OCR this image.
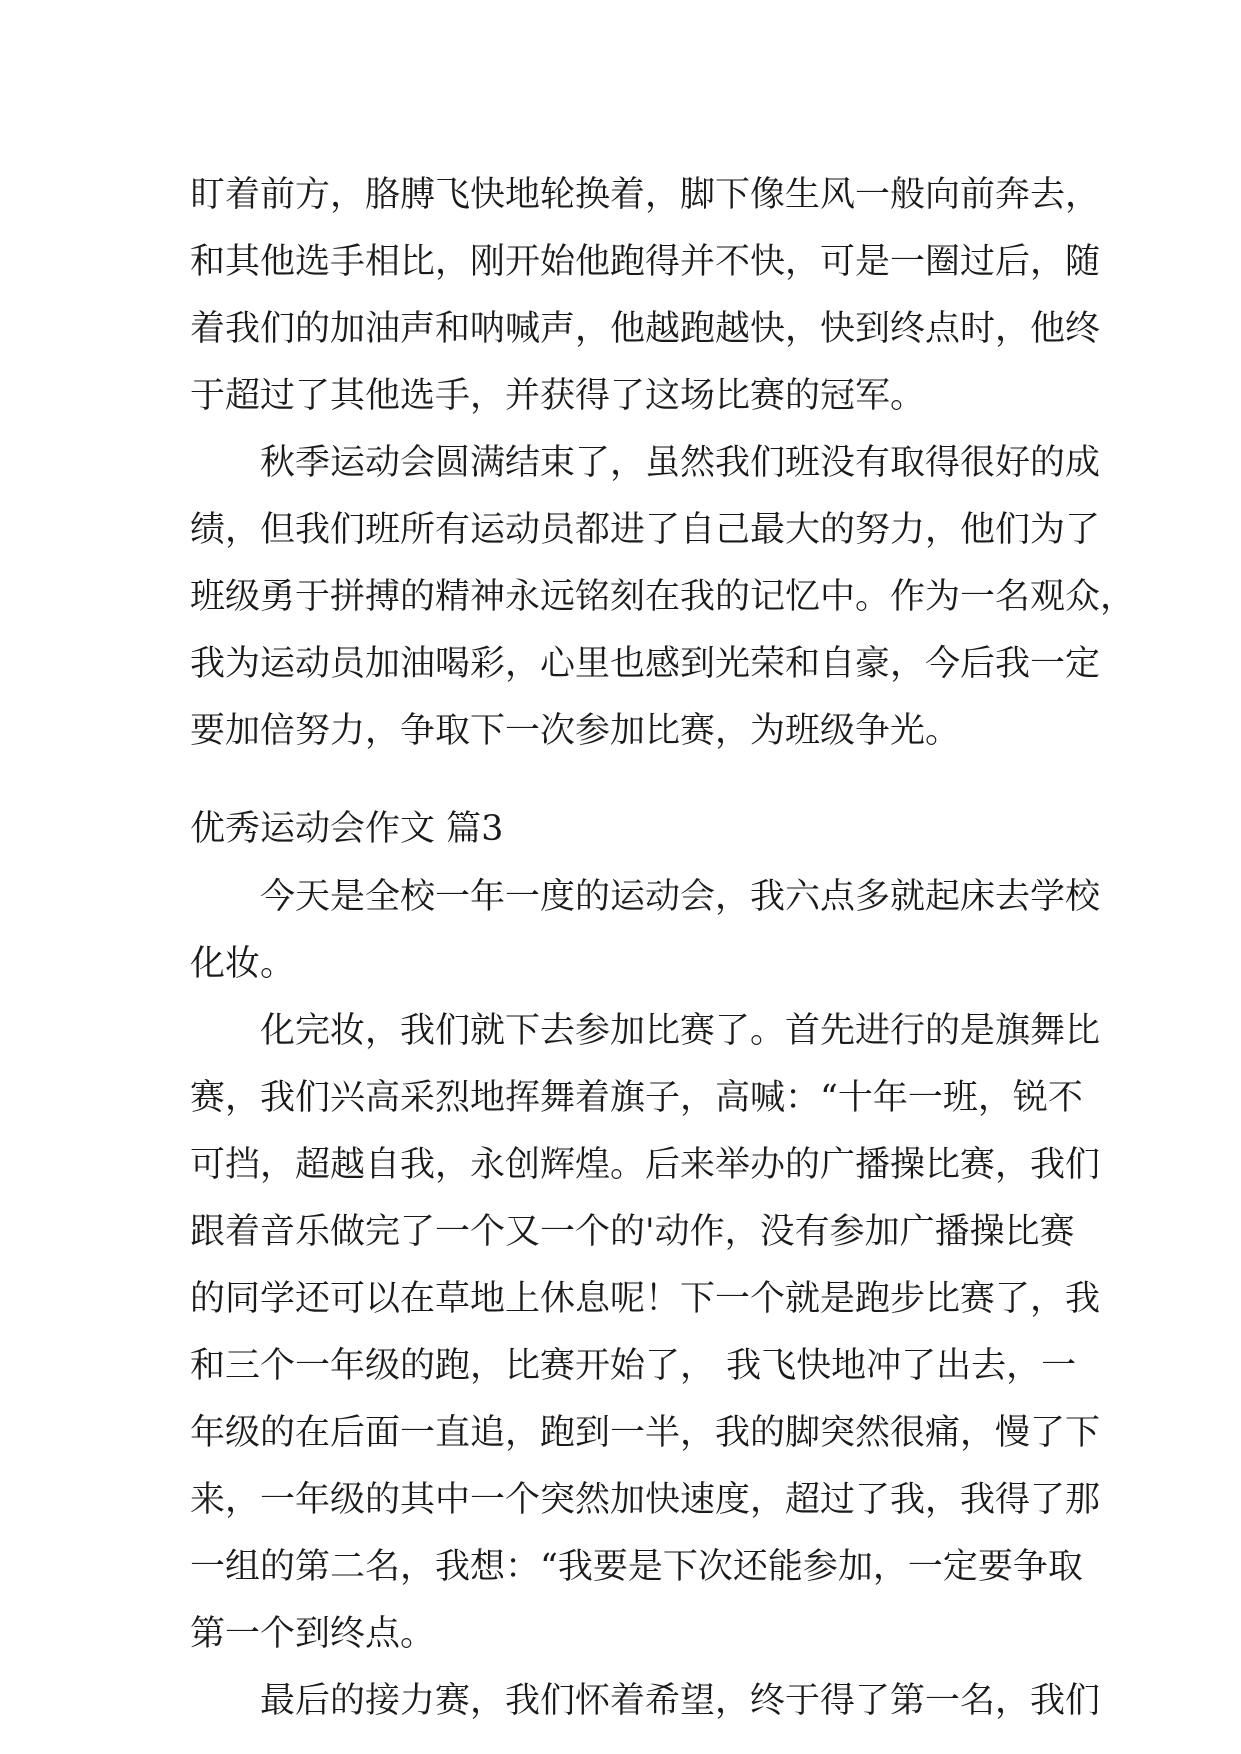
盯着前方，胳膊飞快地轮换着，脚下像生风一般向前奔去，
和其他选手相比，刚开始他跑得并不快，可是一圈过后，随
着我们的加油声和呐喊声，他越跑越快，快到终点时，他终
于超过了其他选手，并获得了这场比赛的冠军。
秋季运动会圆满结束了，虽然我们班没有取得很好的成
绩，但我们班所有运动员都进了自己最大的努力，他们为了
班级勇于拼搏的精神永远铭刻在我的记忆中。作为一名观众，
我为运动员加油喝彩，心里也感到光荣和自豪，今后我一定
要加倍努力，争取下一次参加比赛，为班级争光。
优秀运动会作文 篇3
今天是全校一年一度的运动会，我六点多就起床去学校
化妆。
化完妆，我们就下去参加比赛了。首先进行的是旗舞比
赛，我们兴高采烈地挥舞着旗子，高喊：“十年一班，锐不
可挡，超越自我，永创辉煌。后来举办的广播操比赛，我们
跟着音乐做完了一个又一个的'动作，没有参加广播操比赛
的同学还可以在草地上休息呢！下一个就是跑步比赛了，我
和三个一年级的跑，比赛开始了， 我飞快地冲了出去，一
年级的在后面一直追，跑到一半，我的脚突然很痛，慢了下
来，一年级的其中一个突然加快速度，超过了我，我得了那
一组的第二名，我想：“我要是下次还能参加，一定要争取
第一个到终点。
最后的接力赛，我们怀着希望，终于得了第一名，我们
